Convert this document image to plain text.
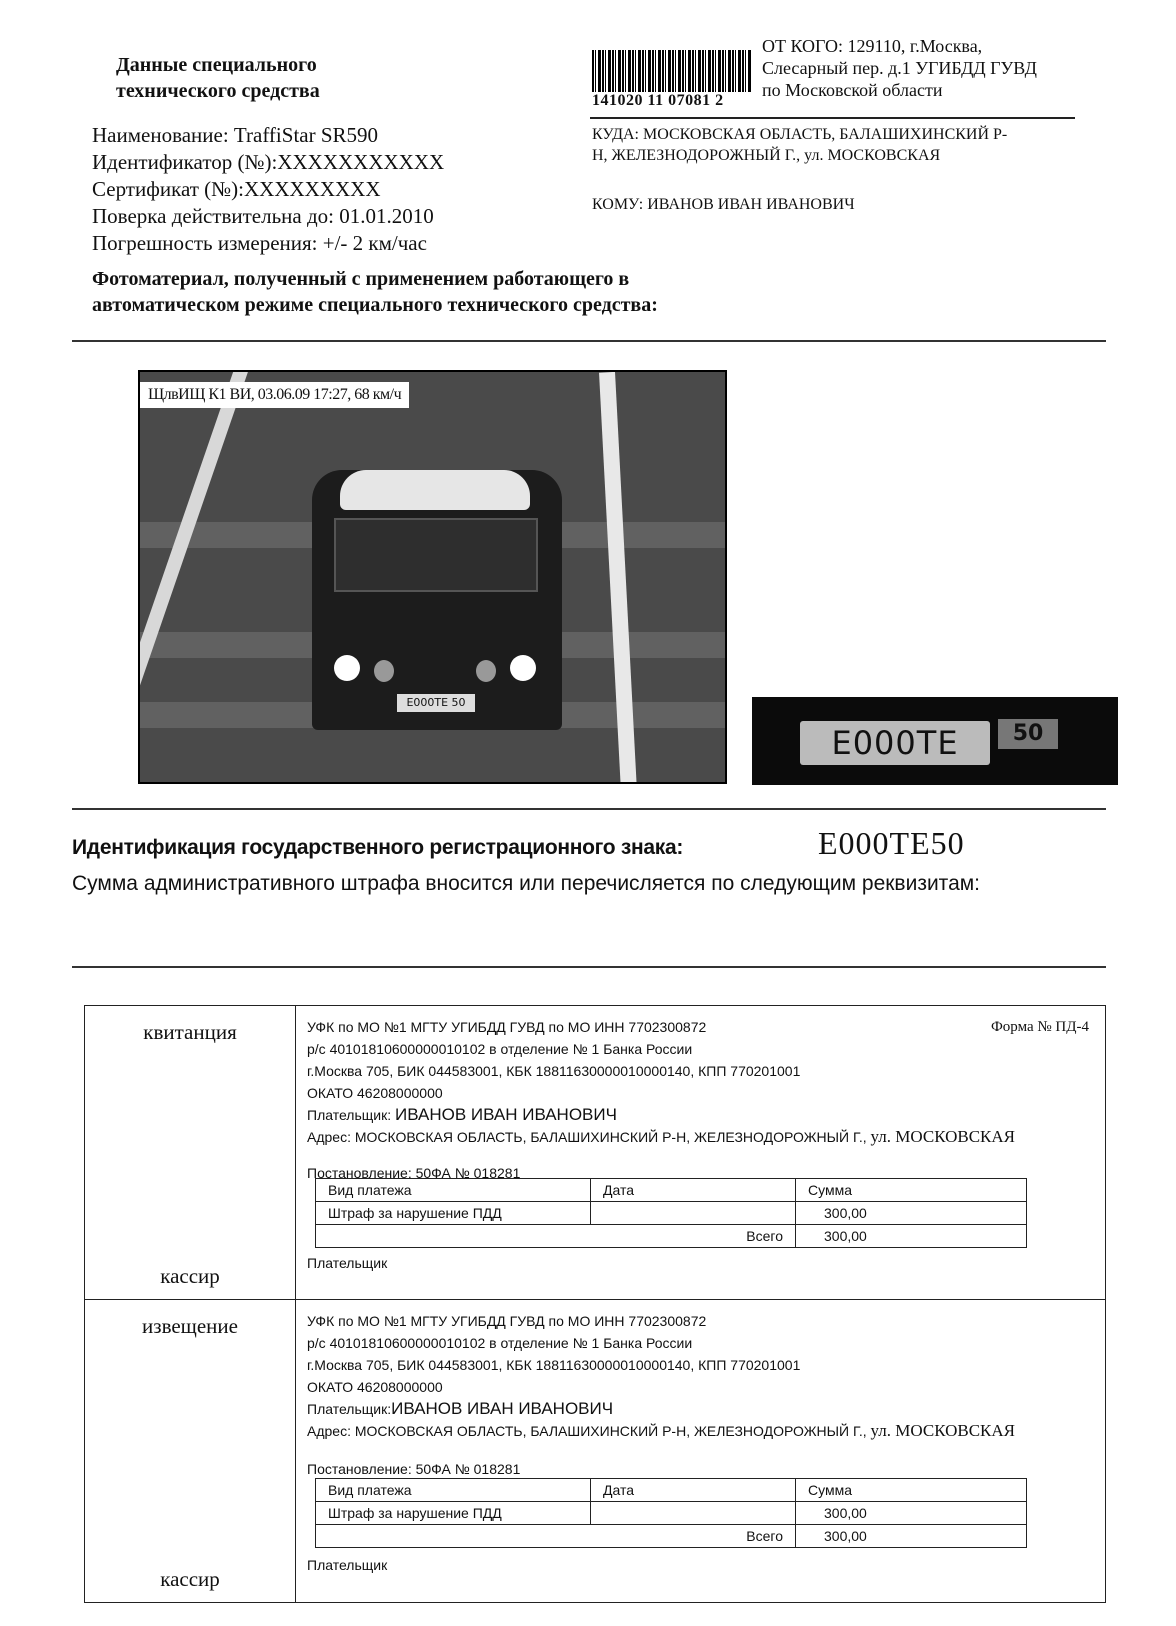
Данные специального
технического средства
Наименование: TraffiStar SR590
Идентификатор (№):XXXXXXXXXXX
Сертификат (№):XXXXXXXXX
Поверка действительна до: 01.01.2010
Погрешность измерения: +/- 2 км/час
141020 11 07081 2
ОТ КОГО: 129110, г.Москва,
Слесарный пер. д.1 УГИБДД ГУВД
по Московской области
КУДА: МОСКОВСКАЯ ОБЛАСТЬ, БАЛАШИХИНСКИЙ Р-
Н, ЖЕЛЕЗНОДОРОЖНЫЙ Г., ул. МОСКОВСКАЯ
КОМУ: ИВАНОВ ИВАН ИВАНОВИЧ
Фотоматериал, полученный с применением работающего в
автоматическом режиме специального технического средства:
E000TE 50
ЩлвИЩ К1 ВИ, 03.06.09 17:27, 68 км/ч
E000TE	50
Идентификация государственного регистрационного знака:	E000TE50
Сумма административного штрафа вносится или перечисляется по следующим реквизитам:
квитанция
кассир
Форма № ПД-4
УФК по МО №1 МГТУ УГИБДД ГУВД по МО ИНН 7702300872
р/с 40101810600000010102 в отделение № 1 Банка России
г.Москва 705, БИК 044583001, КБК 18811630000010000140, КПП 770201001
ОКАТО 46208000000
Плательщик: ИВАНОВ ИВАН ИВАНОВИЧ
Адрес: МОСКОВСКАЯ ОБЛАСТЬ, БАЛАШИХИНСКИЙ Р-Н, ЖЕЛЕЗНОДОРОЖНЫЙ Г., ул. МОСКОВСКАЯ
Постановление: 50ФА № 018281
Вид платежа	Дата	Сумма
Штраф за нарушение ПДД		300,00
Всего		300,00
Плательщик
извещение
кассир
УФК по МО №1 МГТУ УГИБДД ГУВД по МО ИНН 7702300872
р/с 40101810600000010102 в отделение № 1 Банка России
г.Москва 705, БИК 044583001, КБК 18811630000010000140, КПП 770201001
ОКАТО 46208000000
Плательщик:ИВАНОВ ИВАН ИВАНОВИЧ
Адрес: МОСКОВСКАЯ ОБЛАСТЬ, БАЛАШИХИНСКИЙ Р-Н, ЖЕЛЕЗНОДОРОЖНЫЙ Г., ул. МОСКОВСКАЯ
Постановление: 50ФА № 018281
Вид платежа	Дата	Сумма
Штраф за нарушение ПДД		300,00
Всего		300,00
Плательщик
